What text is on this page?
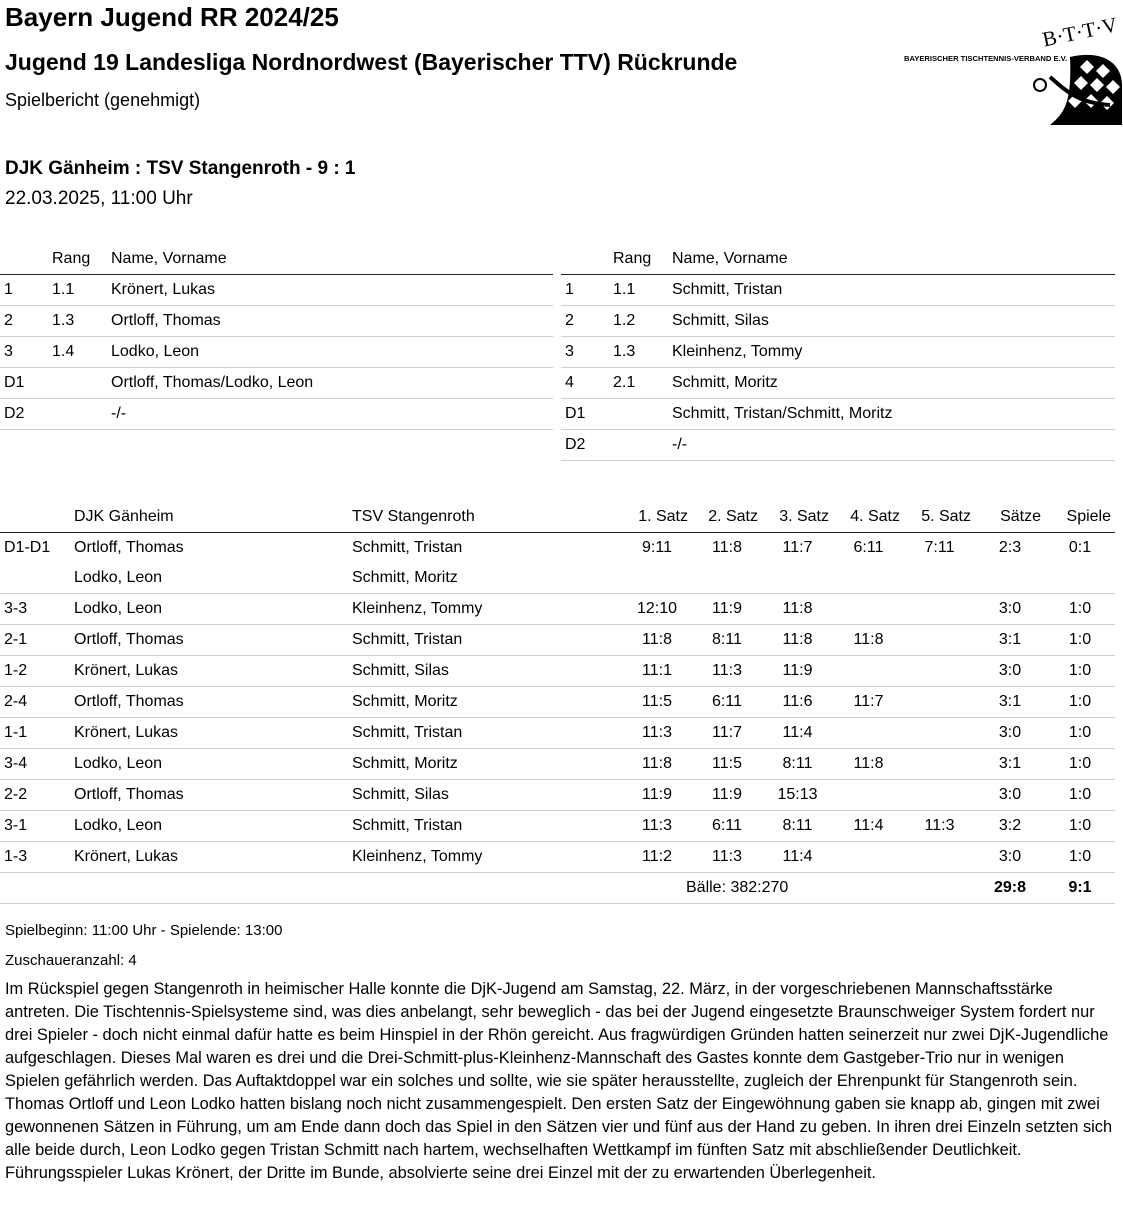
Bayern Jugend RR 2024/25
Jugend 19 Landesliga Nordnordwest (Bayerischer TTV) Rückrunde
Spielbericht (genehmigt)
BAYERISCHER TISCHTENNIS-VERBAND E.V.
B·T·T·V
DJK Gänheim : TSV Stangenroth - 9 : 1
22.03.2025, 11:00 Uhr
	Rang	Name, Vorname
1	1.1	Krönert, Lukas
2	1.3	Ortloff, Thomas
3	1.4	Lodko, Leon
D1		Ortloff, Thomas/Lodko, Leon
D2		-/-
	Rang	Name, Vorname
1	1.1	Schmitt, Tristan
2	1.2	Schmitt, Silas
3	1.3	Kleinhenz, Tommy
4	2.1	Schmitt, Moritz
D1		Schmitt, Tristan/Schmitt, Moritz
D2		-/-
	DJK Gänheim	TSV Stangenroth	1. Satz	2. Satz	3. Satz	4. Satz	5. Satz	Sätze	Spiele
D1-D1	Ortloff, Thomas	Schmitt, Tristan	9:11	11:8	11:7	6:11	7:11	2:3	0:1
	Lodko, Leon	Schmitt, Moritz							
3-3	Lodko, Leon	Kleinhenz, Tommy	12:10	11:9	11:8			3:0	1:0
2-1	Ortloff, Thomas	Schmitt, Tristan	11:8	8:11	11:8	11:8		3:1	1:0
1-2	Krönert, Lukas	Schmitt, Silas	11:1	11:3	11:9			3:0	1:0
2-4	Ortloff, Thomas	Schmitt, Moritz	11:5	6:11	11:6	11:7		3:1	1:0
1-1	Krönert, Lukas	Schmitt, Tristan	11:3	11:7	11:4			3:0	1:0
3-4	Lodko, Leon	Schmitt, Moritz	11:8	11:5	8:11	11:8		3:1	1:0
2-2	Ortloff, Thomas	Schmitt, Silas	11:9	11:9	15:13			3:0	1:0
3-1	Lodko, Leon	Schmitt, Tristan	11:3	6:11	8:11	11:4	11:3	3:2	1:0
1-3	Krönert, Lukas	Kleinhenz, Tommy	11:2	11:3	11:4			3:0	1:0
			Bälle: 382:270					29:8	9:1
Spielbeginn: 11:00 Uhr - Spielende: 13:00
Zuschaueranzahl: 4

Im Rückspiel gegen Stangenroth in heimischer Halle konnte die DjK-Jugend am Samstag, 22. März, in der vorgeschriebenen Mannschaftsstärke antreten. Die Tischtennis-Spielsysteme sind, was dies anbelangt, sehr beweglich - das bei der Jugend eingesetzte Braunschweiger System fordert nur drei Spieler - doch nicht einmal dafür hatte es beim Hinspiel in der Rhön gereicht. Aus fragwürdigen Gründen hatten seinerzeit nur zwei DjK-Jugendliche aufgeschlagen. Dieses Mal waren es drei und die Drei-Schmitt-plus-Kleinhenz-Mannschaft des Gastes konnte dem Gastgeber-Trio nur in wenigen Spielen gefährlich werden. Das Auftaktdoppel war ein solches und sollte, wie sie später herausstellte, zugleich der Ehrenpunkt für Stangenroth sein. Thomas Ortloff und Leon Lodko hatten bislang noch nicht zusammengespielt. Den ersten Satz der Eingewöhnung gaben sie knapp ab, gingen mit zwei gewonnenen Sätzen in Führung, um am Ende dann doch das Spiel in den Sätzen vier und fünf aus der Hand zu geben. In ihren drei Einzeln setzten sich alle beide durch, Leon Lodko gegen Tristan Schmitt nach hartem, wechselhaften Wettkampf im fünften Satz mit abschließender Deutlichkeit. Führungsspieler Lukas Krönert, der Dritte im Bunde, absolvierte seine drei Einzel mit der zu erwartenden Überlegenheit.
